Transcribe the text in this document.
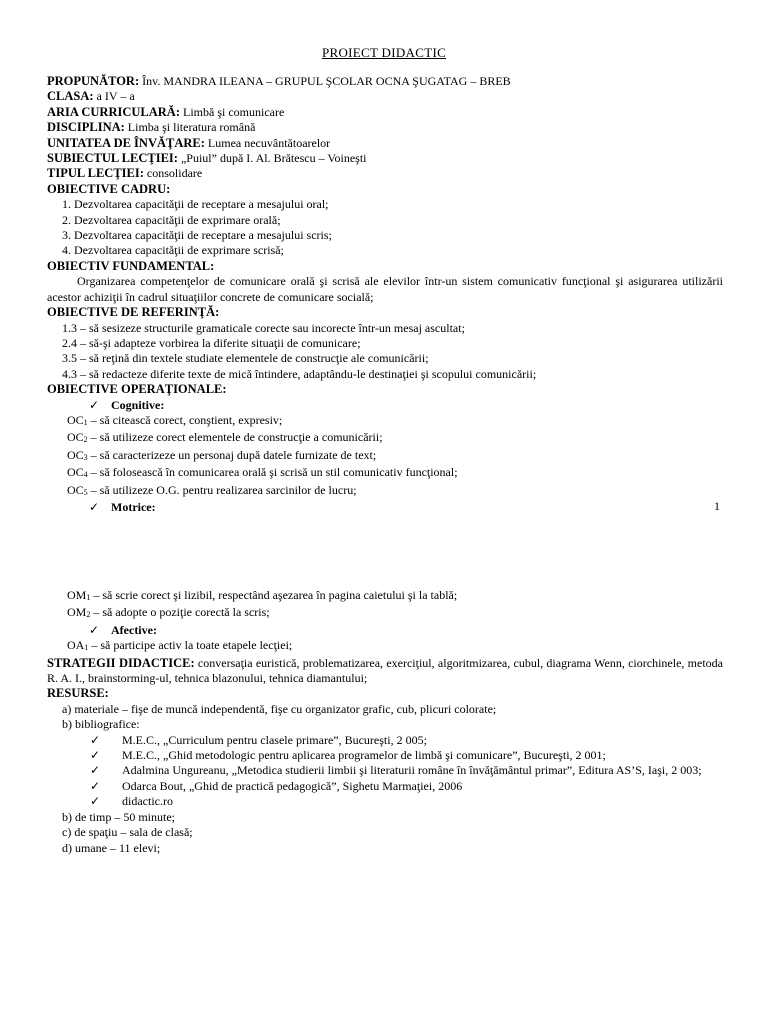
PROIECT DIDACTIC
PROPUNĂTOR: Înv. MANDRA ILEANA – GRUPUL ŞCOLAR OCNA ŞUGATAG – BREB
CLASA: a IV – a
ARIA CURRICULARĂ: Limbă şi comunicare
DISCIPLINA: Limba şi literatura română
UNITATEA DE ÎNVĂŢARE: Lumea necuvântătoarelor
SUBIECTUL LECŢIEI: „Puiul” după I. Al. Brătescu – Voineşti
TIPUL LECŢIEI: consolidare
OBIECTIVE CADRU:
1. Dezvoltarea capacităţii de receptare a mesajului oral;
2. Dezvoltarea capacităţii de exprimare orală;
3. Dezvoltarea capacităţii de receptare a mesajului scris;
4. Dezvoltarea capacităţii de exprimare scrisă;
OBIECTIV FUNDAMENTAL:
Organizarea competenţelor de comunicare orală şi scrisă ale elevilor într-un sistem comunicativ funcţional şi asigurarea utilizării acestor achiziţii în cadrul situaţiilor concrete de comunicare socială;
OBIECTIVE DE REFERINŢĂ:
1.3 – să sesizeze structurile gramaticale corecte sau incorecte într-un mesaj ascultat;
2.4 – să-şi adapteze vorbirea la diferite situaţii de comunicare;
3.5 – să reţină din textele studiate elementele de construcţie ale comunicării;
4.3 – să redacteze diferite texte de mică întindere, adaptându-le destinaţiei şi scopului comunicării;
OBIECTIVE OPERAŢIONALE:
✓ Cognitive:
OC1 – să citească corect, conştient, expresiv;
OC2 – să utilizeze corect elementele de construcţie a comunicării;
OC3 – să caracterizeze un personaj după datele furnizate de text;
OC4 – să folosească în comunicarea orală şi scrisă un stil comunicativ funcţional;
OC5 – să utilizeze O.G. pentru realizarea sarcinilor de lucru;
✓ Motrice:	1
OM1 – să scrie corect şi lizibil, respectând aşezarea în pagina caietului şi la tablă;
OM2 – să adopte o poziţie corectă la scris;
✓ Afective:
OA1 – să participe activ la toate etapele lecţiei;
STRATEGII DIDACTICE: conversaţia euristică, problematizarea, exerciţiul, algoritmizarea, cubul, diagrama Wenn, ciorchinele, metoda R. A. I., brainstorming-ul, tehnica blazonului, tehnica diamantului;
RESURSE:
a) materiale – fişe de muncă independentă, fişe cu organizator grafic, cub, plicuri colorate;
b) bibliografice:
✓ M.E.C., „Curriculum pentru clasele primare”, Bucureşti, 2 005;
✓ M.E.C., „Ghid metodologic pentru aplicarea programelor de limbă şi comunicare”, Bucureşti, 2 001;
✓ Adalmina Ungureanu, „Metodica studierii limbii şi literaturii române în învăţământul primar”, Editura AS’S, Iaşi, 2 003;
✓ Odarca Bout, „Ghid de practică pedagogică”, Sighetu Marmaţiei, 2006
✓ didactic.ro
b) de timp – 50 minute;
c) de spaţiu – sala de clasă;
d) umane – 11 elevi;
